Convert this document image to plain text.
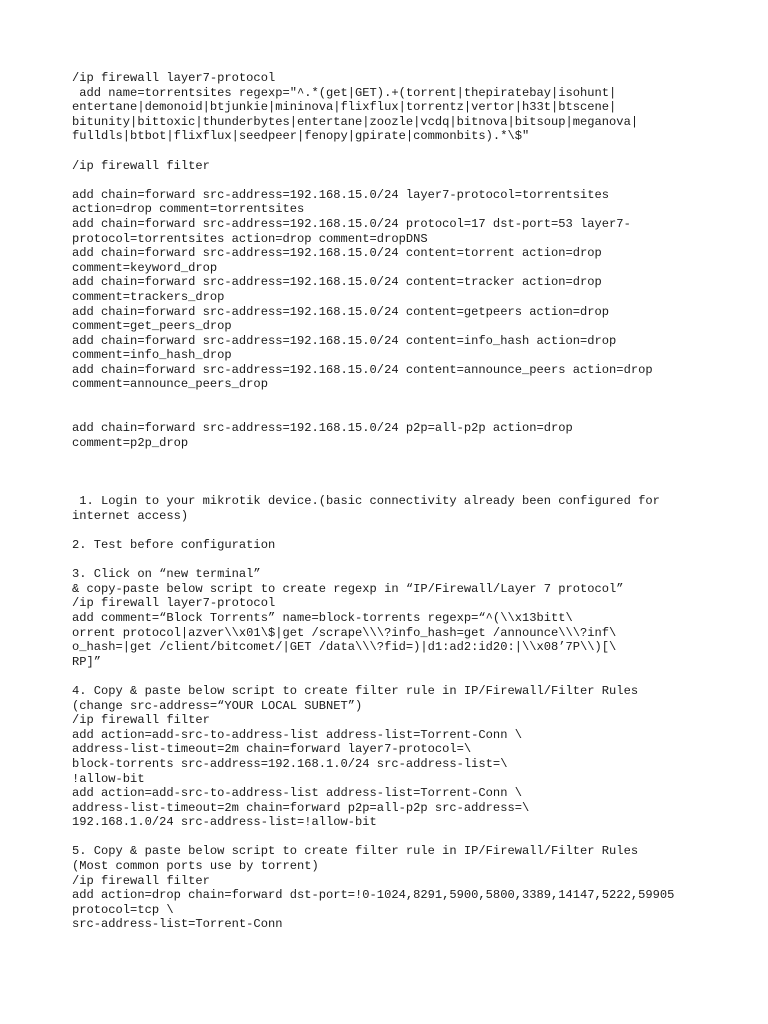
/ip firewall layer7-protocol
add name=torrentsites regexp="^.*(get|GET).+(torrent|thepiratebay|isohunt|
entertane|demonoid|btjunkie|mininova|flixflux|torrentz|vertor|h33t|btscene|
bitunity|bittoxic|thunderbytes|entertane|zoozle|vcdq|bitnova|bitsoup|meganova|
fulldls|btbot|flixflux|seedpeer|fenopy|gpirate|commonbits).*\$"
/ip firewall filter
add chain=forward src-address=192.168.15.0/24 layer7-protocol=torrentsites
action=drop comment=torrentsites
add chain=forward src-address=192.168.15.0/24 protocol=17 dst-port=53 layer7-
protocol=torrentsites action=drop comment=dropDNS
add chain=forward src-address=192.168.15.0/24 content=torrent action=drop
comment=keyword_drop
add chain=forward src-address=192.168.15.0/24 content=tracker action=drop
comment=trackers_drop
add chain=forward src-address=192.168.15.0/24 content=getpeers action=drop
comment=get_peers_drop
add chain=forward src-address=192.168.15.0/24 content=info_hash action=drop
comment=info_hash_drop
add chain=forward src-address=192.168.15.0/24 content=announce_peers action=drop
comment=announce_peers_drop
add chain=forward src-address=192.168.15.0/24 p2p=all-p2p action=drop
comment=p2p_drop
1. Login to your mikrotik device.(basic connectivity already been configured for
internet access)
2. Test before configuration
3. Click on “new terminal”
& copy-paste below script to create regexp in “IP/Firewall/Layer 7 protocol”
/ip firewall layer7-protocol
add comment=“Block Torrents” name=block-torrents regexp=“^(\\x13bitt\
orrent protocol|azver\\x01\$|get /scrape\\\?info_hash=get /announce\\\?inf\
o_hash=|get /client/bitcomet/|GET /data\\\?fid=)|d1:ad2:id20:|\\x08’7P\\)[\
RP]”
4. Copy & paste below script to create filter rule in IP/Firewall/Filter Rules
(change src-address=“YOUR LOCAL SUBNET”)
/ip firewall filter
add action=add-src-to-address-list address-list=Torrent-Conn \
address-list-timeout=2m chain=forward layer7-protocol=\
block-torrents src-address=192.168.1.0/24 src-address-list=\
!allow-bit
add action=add-src-to-address-list address-list=Torrent-Conn \
address-list-timeout=2m chain=forward p2p=all-p2p src-address=\
192.168.1.0/24 src-address-list=!allow-bit
5. Copy & paste below script to create filter rule in IP/Firewall/Filter Rules
(Most common ports use by torrent)
/ip firewall filter
add action=drop chain=forward dst-port=!0-1024,8291,5900,5800,3389,14147,5222,59905
protocol=tcp \
src-address-list=Torrent-Conn
